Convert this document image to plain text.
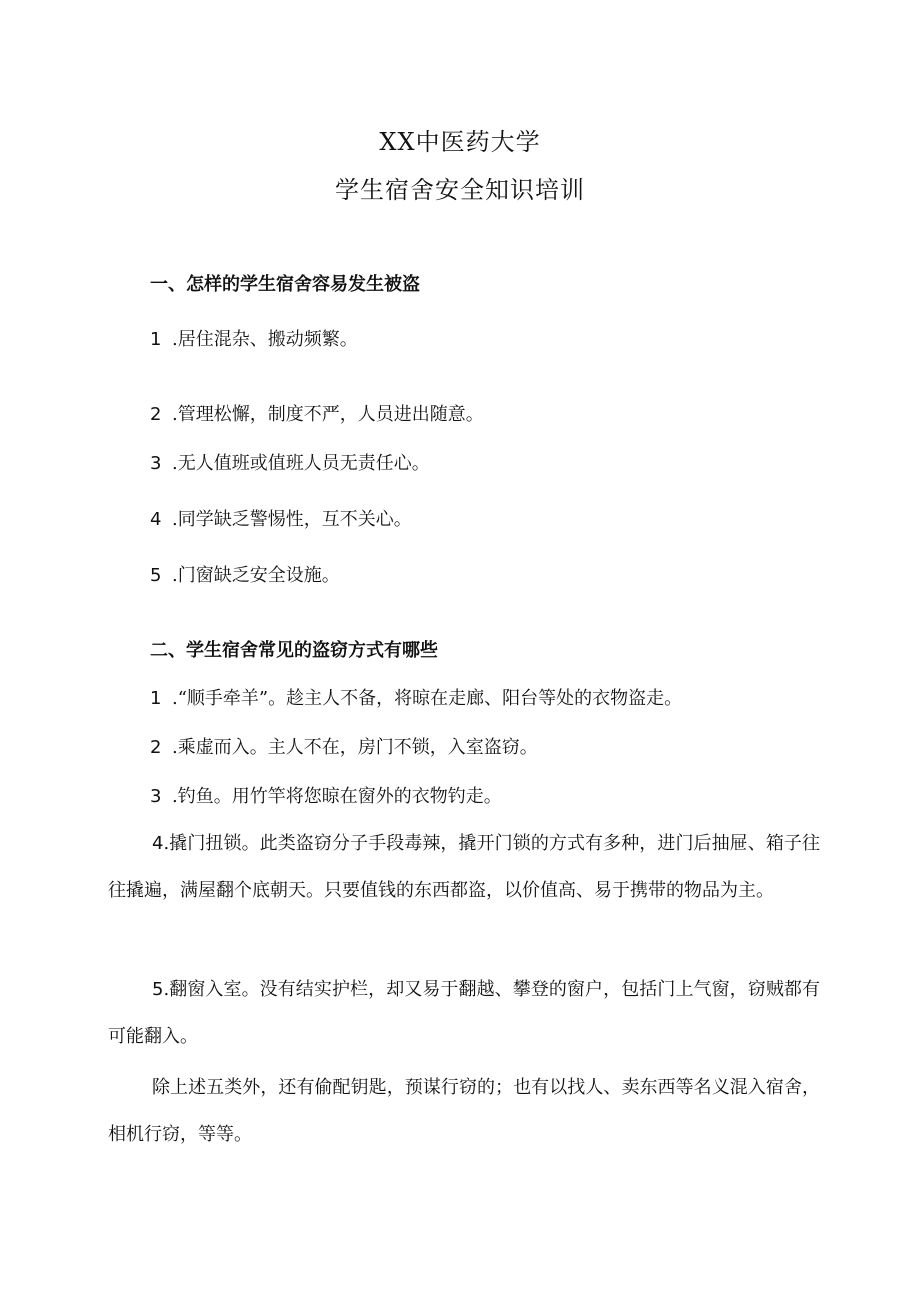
XX中医药大学
学生宿舍安全知识培训
一、怎样的学生宿舍容易发生被盗
1 .居住混杂、搬动频繁。
2 .管理松懈，制度不严，人员进出随意。
3 .无人值班或值班人员无责任心。
4 .同学缺乏警惕性，互不关心。
5 .门窗缺乏安全设施。
二、学生宿舍常见的盗窃方式有哪些
1 .“顺手牵羊”。趁主人不备，将晾在走廊、阳台等处的衣物盗走。
2 .乘虚而入。主人不在，房门不锁，入室盗窃。
3 .钓鱼。用竹竿将您晾在窗外的衣物钓走。
4.撬门扭锁。此类盗窃分子手段毒辣，撬开门锁的方式有多种，进门后抽屉、箱子往往撬遍，满屋翻个底朝天。只要值钱的东西都盗，以价值高、易于携带的物品为主。
5.翻窗入室。没有结实护栏，却又易于翻越、攀登的窗户，包括门上气窗，窃贼都有可能翻入。
除上述五类外，还有偷配钥匙，预谋行窃的；也有以找人、卖东西等名义混入宿舍，相机行窃，等等。
